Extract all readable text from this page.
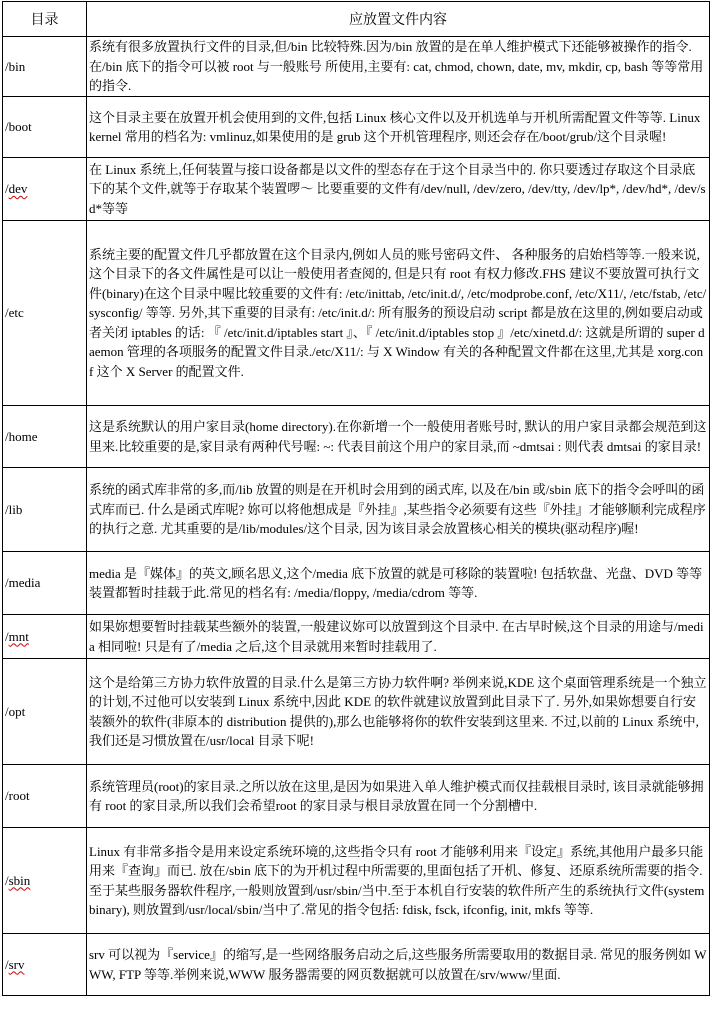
目录	应放置文件内容
/bin	系统有很多放置执行文件的目录,但/bin 比较特殊.因为/bin 放置的是在单人维护模式下还能够被操作的指令. 在/bin 底下的指令可以被 root 与一般账号 所使用,主要有: cat, chmod, chown, date, mv, mkdir, cp, bash 等等常用的指令.
/boot	这个目录主要在放置开机会使用到的文件,包括 Linux 核心文件以及开机选单与开机所需配置文件等等. Linux kernel 常用的档名为: vmlinuz,如果使用的是 grub 这个开机管理程序, 则还会存在/boot/grub/这个目录喔!
/dev	在 Linux 系统上,任何装置与接口设备都是以文件的型态存在于这个目录当中的. 你只要透过存取这个目录底下的某个文件,就等于存取某个装置啰～ 比要重要的文件有/dev/null, /dev/zero, /dev/tty, /dev/lp*, /dev/hd*, /dev/sd*等等
/etc	系统主要的配置文件几乎都放置在这个目录内,例如人员的账号密码文件、 各种服务的启始档等等.一般来说,这个目录下的各文件属性是可以让一般使用者查阅的, 但是只有 root 有权力修改.FHS 建议不要放置可执行文件(binary)在这个目录中喔比较重要的文件有: /etc/inittab, /etc/init.d/, /etc/modprobe.conf, /etc/X11/, /etc/fstab, /etc/sysconfig/ 等等. 另外,其下重要的目录有: /etc/init.d/: 所有服务的预设启动 script 都是放在这里的,例如要启动或者关闭 iptables 的话: 『 /etc/init.d/iptables start 』、『 /etc/init.d/iptables stop 』/etc/xinetd.d/: 这就是所谓的 super daemon 管理的各项服务的配置文件目录./etc/X11/: 与 X Window 有关的各种配置文件都在这里,尤其是 xorg.conf 这个 X Server 的配置文件.
/home	这是系统默认的用户家目录(home directory).在你新增一个一般使用者账号时, 默认的用户家目录都会规范到这里来.比较重要的是,家目录有两种代号喔: ~: 代表目前这个用户的家目录,而 ~dmtsai : 则代表 dmtsai 的家目录!
/lib	系统的函式库非常的多,而/lib 放置的则是在开机时会用到的函式库, 以及在/bin 或/sbin 底下的指令会呼叫的函式库而已. 什么是函式库呢? 妳可以将他想成是『外挂』,某些指令必须要有这些『外挂』才能够顺利完成程序的执行之意. 尤其重要的是/lib/modules/这个目录, 因为该目录会放置核心相关的模块(驱动程序)喔!
/media	media 是『媒体』的英文,顾名思义,这个/media 底下放置的就是可移除的装置啦! 包括软盘、光盘、DVD 等等装置都暂时挂载于此.常见的档名有: /media/floppy, /media/cdrom 等等.
/mnt	如果妳想要暂时挂载某些额外的装置,一般建议妳可以放置到这个目录中. 在古早时候,这个目录的用途与/media 相同啦! 只是有了/media 之后,这个目录就用来暂时挂载用了.
/opt	这个是给第三方协力软件放置的目录.什么是第三方协力软件啊? 举例来说,KDE 这个桌面管理系统是一个独立的计划,不过他可以安装到 Linux 系统中,因此 KDE 的软件就建议放置到此目录下了. 另外,如果妳想要自行安装额外的软件(非原本的 distribution 提供的),那么也能够将你的软件安装到这里来. 不过,以前的 Linux 系统中,我们还是习惯放置在/usr/local 目录下呢!
/root	系统管理员(root)的家目录.之所以放在这里,是因为如果进入单人维护模式而仅挂载根目录时, 该目录就能够拥有 root 的家目录,所以我们会希望root 的家目录与根目录放置在同一个分割槽中.
/sbin	Linux 有非常多指令是用来设定系统环境的,这些指令只有 root 才能够利用来『设定』系统,其他用户最多只能用来『查询』而已. 放在/sbin 底下的为开机过程中所需要的,里面包括了开机、修复、还原系统所需要的指令. 至于某些服务器软件程序,一般则放置到/usr/sbin/当中.至于本机自行安装的软件所产生的系统执行文件(system binary), 则放置到/usr/local/sbin/当中了.常见的指令包括: fdisk, fsck, ifconfig, init, mkfs 等等.
/srv	srv 可以视为『service』的缩写,是一些网络服务启动之后,这些服务所需要取用的数据目录. 常见的服务例如 WWW, FTP 等等.举例来说,WWW 服务器需要的网页数据就可以放置在/srv/www/里面.
